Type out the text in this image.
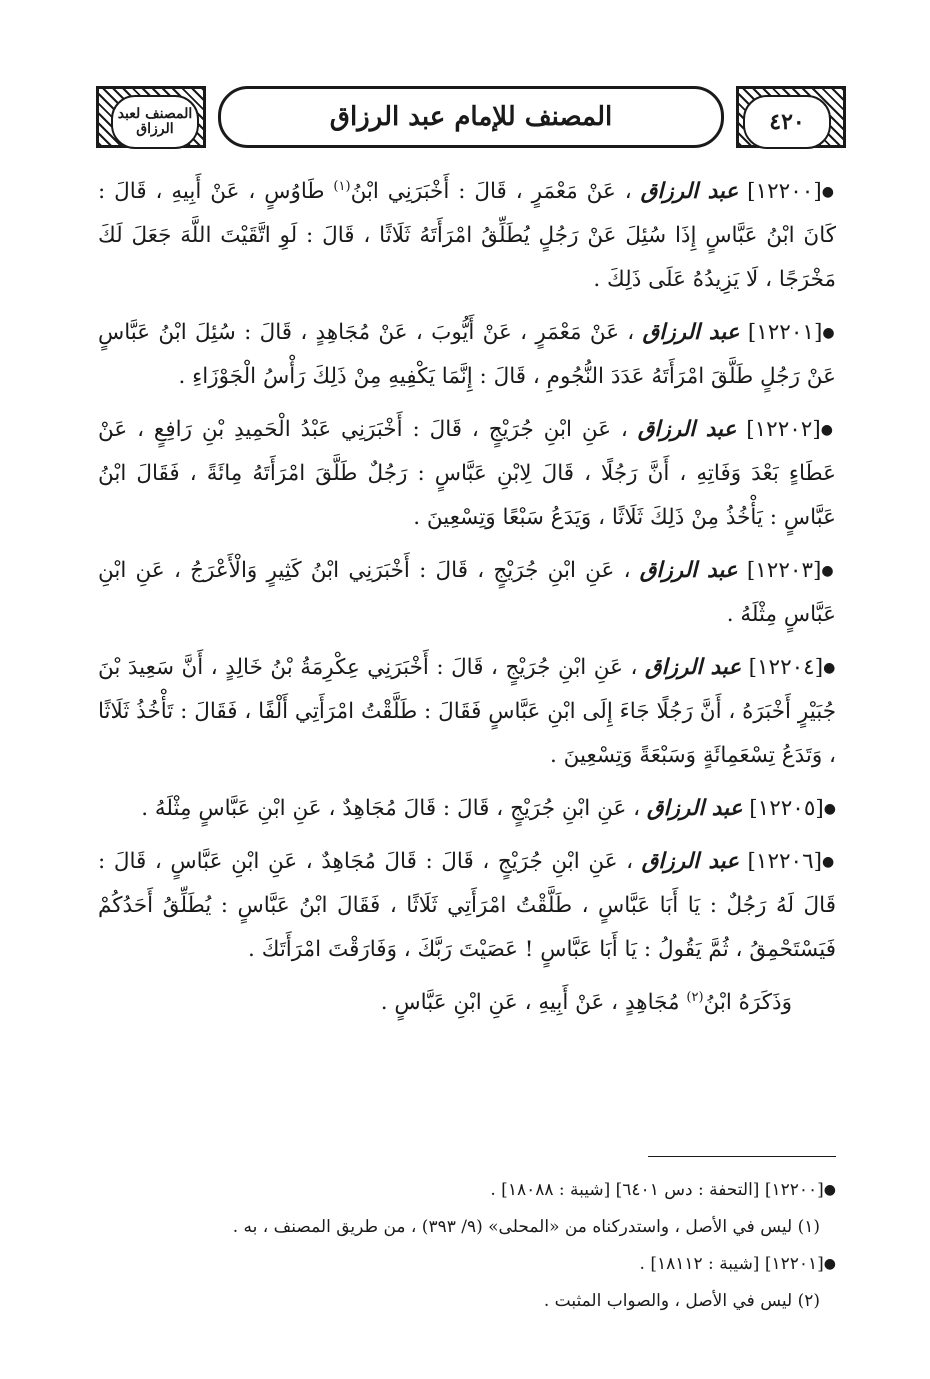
المصنف لعبد الرزاق	المصنف للإمام عبد الرزاق	٤٢٠

●[١٢٢٠٠] عبد الرزاق ، عَنْ مَعْمَرٍ ، قَالَ : أَخْبَرَنِي ابْنُ$^{(١)}$ طَاوُسٍ ، عَنْ أَبِيهِ ، قَالَ : كَانَ ابْنُ عَبَّاسٍ إِذَا سُئِلَ عَنْ رَجُلٍ يُطَلِّقُ امْرَأَتَهُ ثَلَاثًا ، قَالَ : لَوِ اتَّقَيْتَ اللَّهَ جَعَلَ لَكَ مَخْرَجًا ، لَا يَزِيدُهُ عَلَى ذَلِكَ .

●[١٢٢٠١] عبد الرزاق ، عَنْ مَعْمَرٍ ، عَنْ أَيُّوبَ ، عَنْ مُجَاهِدٍ ، قَالَ : سُئِلَ ابْنُ عَبَّاسٍ عَنْ رَجُلٍ طَلَّقَ امْرَأَتَهُ عَدَدَ النُّجُومِ ، قَالَ : إِنَّمَا يَكْفِيهِ مِنْ ذَلِكَ رَأْسُ الْجَوْزَاءِ .

●[١٢٢٠٢] عبد الرزاق ، عَنِ ابْنِ جُرَيْجٍ ، قَالَ : أَخْبَرَنِي عَبْدُ الْحَمِيدِ بْنِ رَافِعٍ ، عَنْ عَطَاءٍ بَعْدَ وَفَاتِهِ ، أَنَّ رَجُلًا ، قَالَ لِابْنِ عَبَّاسٍ : رَجُلٌ طَلَّقَ امْرَأَتَهُ مِائَةً ، فَقَالَ ابْنُ عَبَّاسٍ : يَأْخُذُ مِنْ ذَلِكَ ثَلَاثًا ، وَيَدَعُ سَبْعًا وَتِسْعِينَ .

●[١٢٢٠٣] عبد الرزاق ، عَنِ ابْنِ جُرَيْجٍ ، قَالَ : أَخْبَرَنِي ابْنُ كَثِيرٍ وَالْأَعْرَجُ ، عَنِ ابْنِ عَبَّاسٍ مِثْلَهُ .

●[١٢٢٠٤] عبد الرزاق ، عَنِ ابْنِ جُرَيْجٍ ، قَالَ : أَخْبَرَنِي عِكْرِمَةُ بْنُ خَالِدٍ ، أَنَّ سَعِيدَ بْنَ جُبَيْرٍ أَخْبَرَهُ ، أَنَّ رَجُلًا جَاءَ إِلَى ابْنِ عَبَّاسٍ فَقَالَ : طَلَّقْتُ امْرَأَتِي أَلْفًا ، فَقَالَ : تَأْخُذُ ثَلَاثًا ، وَتَدَعُ تِسْعَمِائَةٍ وَسَبْعَةً وَتِسْعِينَ .

●[١٢٢٠٥] عبد الرزاق ، عَنِ ابْنِ جُرَيْجٍ ، قَالَ : قَالَ مُجَاهِدٌ ، عَنِ ابْنِ عَبَّاسٍ مِثْلَهُ .

●[١٢٢٠٦] عبد الرزاق ، عَنِ ابْنِ جُرَيْجٍ ، قَالَ : قَالَ مُجَاهِدٌ ، عَنِ ابْنِ عَبَّاسٍ ، قَالَ : قَالَ لَهُ رَجُلٌ : يَا أَبَا عَبَّاسٍ ، طَلَّقْتُ امْرَأَتِي ثَلَاثًا ، فَقَالَ ابْنُ عَبَّاسٍ : يُطَلِّقُ أَحَدُكُمْ فَيَسْتَحْمِقُ ، ثُمَّ يَقُولُ : يَا أَبَا عَبَّاسٍ ! عَصَيْتَ رَبَّكَ ، وَفَارَقْتَ امْرَأَتَكَ .

وَذَكَرَهُ ابْنُ$^{(٢)}$ مُجَاهِدٍ ، عَنْ أَبِيهِ ، عَنِ ابْنِ عَبَّاسٍ .

●[١٢٢٠٠] [التحفة : دس ٦٤٠١] [شيبة : ١٨٠٨٨] .

(١) ليس في الأصل ، واستدركناه من «المحلى» (٩/ ٣٩٣) ، من طريق المصنف ، به .

●[١٢٢٠١] [شيبة : ١٨١١٢] .

(٢) ليس في الأصل ، والصواب المثبت .
